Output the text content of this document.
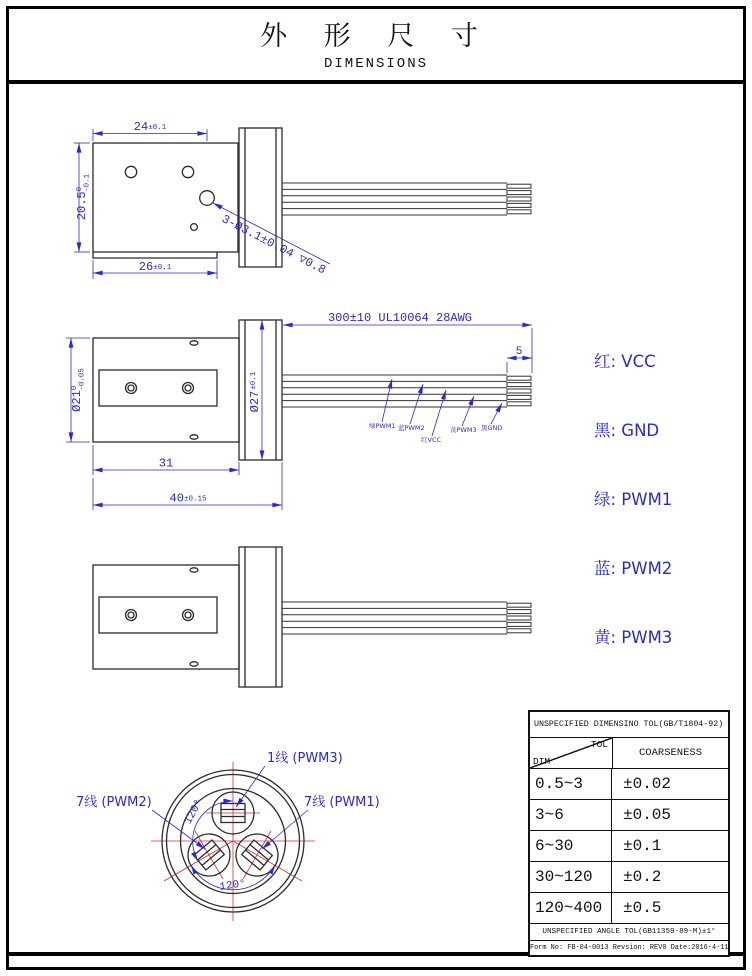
外 形 尺 寸
DIMENSIONS
24±0.1
20.5$^0$-0.1
26±0.1	3-Ø3.1±0.04 ▽0.8
300±10 UL10064 28AWG
5
$Ø21^0-0.05$
$Ø27^{\pm 0.1}$
31
40±0.15
绿PWM1 蓝PWM2
红VCC
黄PWM3 黑GND
120°
120°
1线 (PWM3)
7线 (PWM2)	7线 (PWM1)

红: VCC

黑: GND

绿: PWM1

蓝: PWM2

黄: PWM3

UNSPECIFIED DIMENSINO TOL(GB/T1804-92)
TOL
DIM
COARSENESS
0.5~3	±0.02
3~6	±0.05
6~30	±0.1
30~120	±0.2
120~400	±0.5
UNSPECIFIED ANGLE TOL(GB11359-89-M)±1°
Form No: FB-04-0013 Revsion: REV0 Date:2016-4-11
